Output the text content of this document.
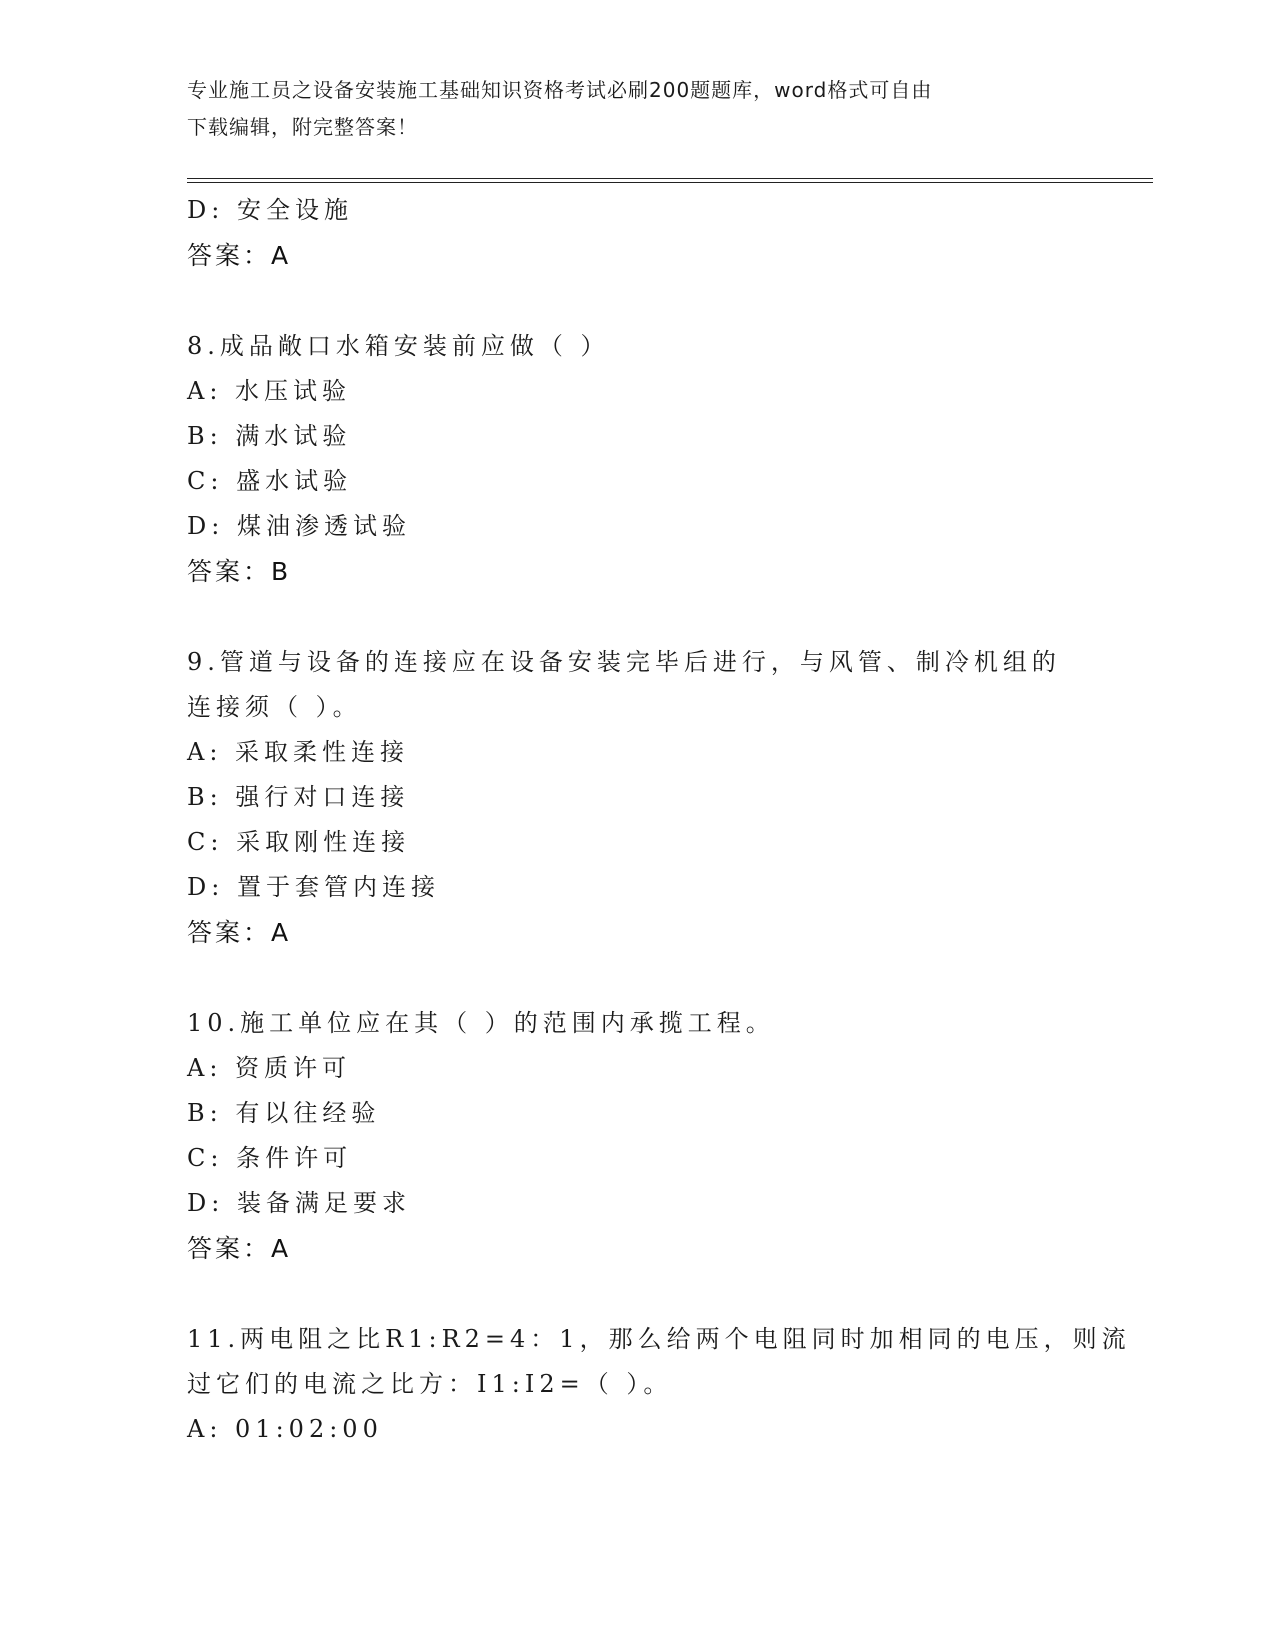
专业施工员之设备安装施工基础知识资格考试必刷200题题库，word格式可自由
下载编辑，附完整答案！
D: 安全设施
答案：A
8.成品敞口水箱安装前应做（ ）
A: 水压试验
B: 满水试验
C: 盛水试验
D: 煤油渗透试验
答案：B
9.管道与设备的连接应在设备安装完毕后进行，与风管、制冷机组的
连接须（ ）。
A: 采取柔性连接
B: 强行对口连接
C: 采取刚性连接
D: 置于套管内连接
答案：A
10.施工单位应在其（ ）的范围内承揽工程。
A: 资质许可
B: 有以往经验
C: 条件许可
D: 装备满足要求
答案：A
11.两电阻之比R1:R2=4：1，那么给两个电阻同时加相同的电压，则流
过它们的电流之比方：I1:I2=（ ）。
A: 01:02:00
